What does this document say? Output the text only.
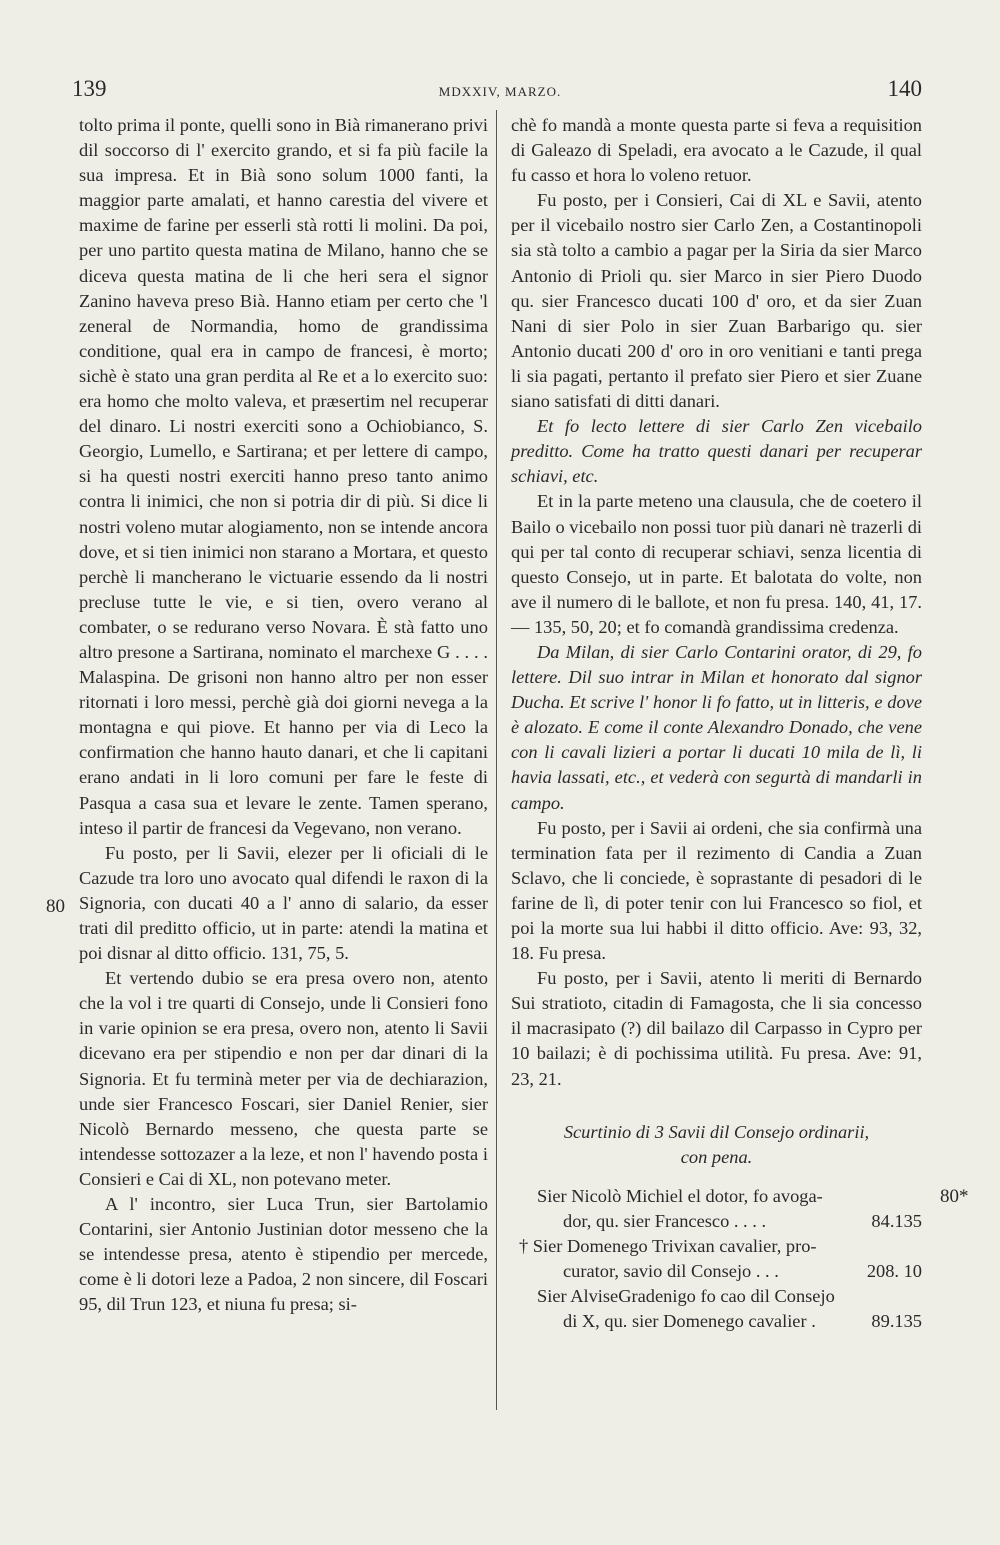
139	MDXXIV, MARZO.	140
80
80*

tolto prima il ponte, quelli sono in Bià rimanerano privi dil soccorso di l' exercito grando, et si fa più facile la sua impresa. Et in Bià sono solum 1000 fanti, la maggior parte amalati, et hanno carestia del vivere et maxime de farine per esserli stà rotti li molini. Da poi, per uno partito questa matina de Milano, hanno che se diceva questa matina de li che heri sera el signor Zanino haveva preso Bià. Hanno etiam per certo che 'l zeneral de Normandia, homo de grandissima conditione, qual era in campo de francesi, è morto; sichè è stato una gran perdita al Re et a lo exercito suo: era homo che molto valeva, et præsertim nel recuperar del dinaro. Li nostri exerciti sono a Ochiobianco, S. Georgio, Lumello, e Sartirana; et per lettere di campo, si ha questi nostri exerciti hanno preso tanto animo contra li inimici, che non si potria dir di più. Si dice li nostri voleno mutar alogiamento, non se intende ancora dove, et si tien inimici non starano a Mortara, et questo perchè li mancherano le victuarie essendo da li nostri precluse tutte le vie, e si tien, overo verano al combater, o se redurano verso Novara. È stà fatto uno altro presone a Sartirana, nominato el marchexe G . . . . Malaspina. De grisoni non hanno altro per non esser ritornati i loro messi, perchè già doi giorni nevega a la montagna e qui piove. Et hanno per via di Leco la confirmation che hanno hauto danari, et che li capitani erano andati in li loro comuni per fare le feste di Pasqua a casa sua et levare le zente. Tamen sperano, inteso il partir de francesi da Vegevano, non verano.

Fu posto, per li Savii, elezer per li oficiali di le Cazude tra loro uno avocato qual difendi le raxon di la Signoria, con ducati 40 a l' anno di salario, da esser trati dil preditto officio, ut in parte: atendi la matina et poi disnar al ditto officio. 131, 75, 5.

Et vertendo dubio se era presa overo non, atento che la vol i tre quarti di Consejo, unde li Consieri fono in varie opinion se era presa, overo non, atento li Savii dicevano era per stipendio e non per dar dinari di la Signoria. Et fu terminà meter per via de dechiarazion, unde sier Francesco Foscari, sier Daniel Renier, sier Nicolò Bernardo messeno, che questa parte se intendesse sottozazer a la leze, et non l' havendo posta i Consieri e Cai di XL, non potevano meter.

A l' incontro, sier Luca Trun, sier Bartolamio Contarini, sier Antonio Justinian dotor messeno che la se intendesse presa, atento è stipendio per mercede, come è li dotori leze a Padoa, 2 non sincere, dil Foscari 95, dil Trun 123, et niuna fu presa; si-

chè fo mandà a monte questa parte si feva a requisition di Galeazo di Speladi, era avocato a le Cazude, il qual fu casso et hora lo voleno retuor.

Fu posto, per i Consieri, Cai di XL e Savii, atento per il vicebailo nostro sier Carlo Zen, a Costantinopoli sia stà tolto a cambio a pagar per la Siria da sier Marco Antonio di Prioli qu. sier Marco in sier Piero Duodo qu. sier Francesco ducati 100 d' oro, et da sier Zuan Nani di sier Polo in sier Zuan Barbarigo qu. sier Antonio ducati 200 d' oro in oro venitiani e tanti prega li sia pagati, pertanto il prefato sier Piero et sier Zuane siano satisfati di ditti danari.

Et fo lecto lettere di sier Carlo Zen vicebailo preditto. Come ha tratto questi danari per recuperar schiavi, etc.

Et in la parte meteno una clausula, che de coetero il Bailo o vicebailo non possi tuor più danari nè trazerli di qui per tal conto di recuperar schiavi, senza licentia di questo Consejo, ut in parte. Et balotata do volte, non ave il numero di le ballote, et non fu presa. 140, 41, 17. — 135, 50, 20; et fo comandà grandissima credenza.

Da Milan, di sier Carlo Contarini orator, di 29, fo lettere. Dil suo intrar in Milan et honorato dal signor Ducha. Et scrive l' honor li fo fatto, ut in litteris, e dove è alozato. E come il conte Alexandro Donado, che vene con li cavali lizieri a portar li ducati 10 mila de lì, li havia lassati, etc., et vederà con segurtà di mandarli in campo.

Fu posto, per i Savii ai ordeni, che sia confirmà una termination fata per il rezimento di Candia a Zuan Sclavo, che li conciede, è soprastante di pesadori di le farine de lì, di poter tenir con lui Francesco so fiol, et poi la morte sua lui habbi il ditto officio. Ave: 93, 32, 18. Fu presa.

Fu posto, per i Savii, atento li meriti di Bernardo Sui stratioto, citadin di Famagosta, che li sia concesso il macrasipato (?) dil bailazo dil Carpasso in Cypro per 10 bailazi; è di pochissima utilità. Fu presa. Ave: 91, 23, 21.

Scurtinio di 3 Savii dil Consejo ordinarii,
con pena.

Sier Nicolò Michiel el dotor, fo avoga-
dor, qu. sier Francesco . . . .	84.135
† Sier Domenego Trivixan cavalier, pro-
curator, savio dil Consejo . . .	208. 10
Sier AlviseGradenigo fo cao dil Consejo
di X, qu. sier Domenego cavalier .	89.135
